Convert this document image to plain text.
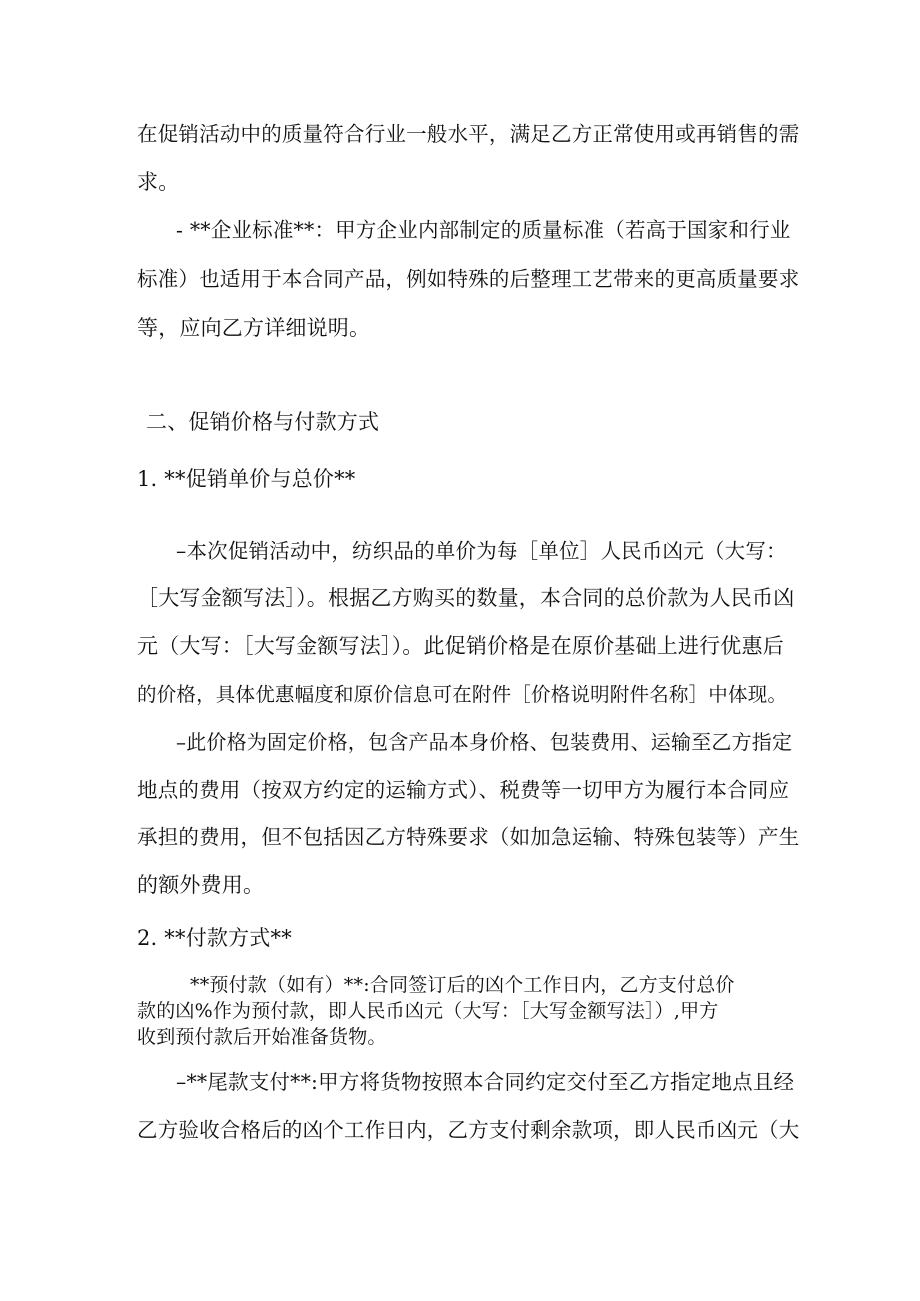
在促销活动中的质量符合行业一般水平，满足乙方正常使用或再销售的需
求。
- **企业标准**：甲方企业内部制定的质量标准（若高于国家和行业
标准）也适用于本合同产品，例如特殊的后整理工艺带来的更高质量要求
等，应向乙方详细说明。
二、促销价格与付款方式
1. **促销单价与总价**
–本次促销活动中，纺织品的单价为每［单位］人民币凶元（大写：
［大写金额写法］）。根据乙方购买的数量，本合同的总价款为人民币凶
元（大写：［大写金额写法］）。此促销价格是在原价基础上进行优惠后
的价格，具体优惠幅度和原价信息可在附件［价格说明附件名称］中体现。
–此价格为固定价格，包含产品本身价格、包装费用、运输至乙方指定
地点的费用（按双方约定的运输方式）、税费等一切甲方为履行本合同应
承担的费用，但不包括因乙方特殊要求（如加急运输、特殊包装等）产生
的额外费用。
2. **付款方式**
**预付款（如有）**:合同签订后的凶个工作日内，乙方支付总价
款的凶%作为预付款，即人民币凶元（大写：［大写金额写法］）,甲方
收到预付款后开始准备货物。
–**尾款支付**:甲方将货物按照本合同约定交付至乙方指定地点且经
乙方验收合格后的凶个工作日内，乙方支付剩余款项，即人民币凶元（大
